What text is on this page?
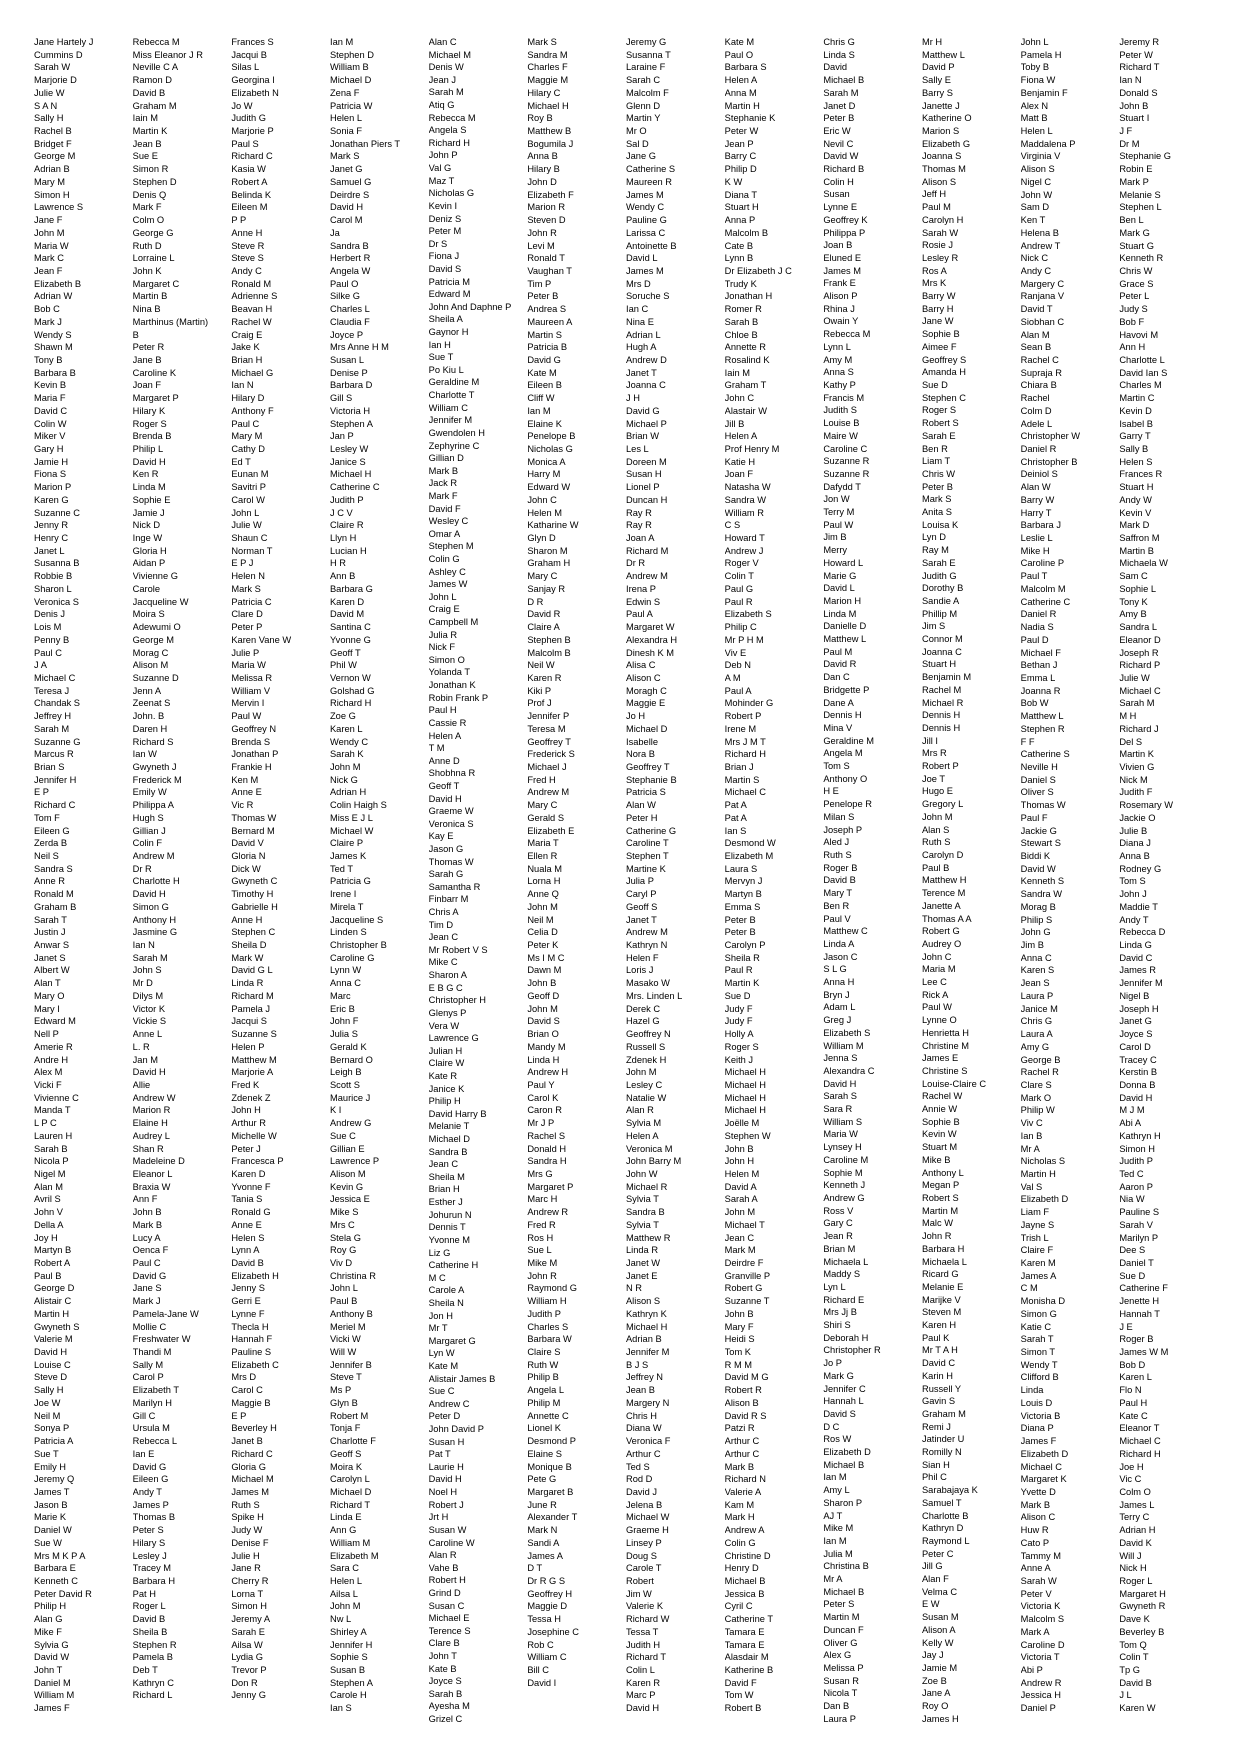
Jane Hartely J
Cummins D
Sarah W
Marjorie D
Julie W
S A N
Sally H
Rachel B
Bridget F
George M
Adrian B
Mary M
Simon H
Lawrence S
Jane F
John M
Maria W
Mark C
Jean F
Elizabeth B
Adrian W
Bob C
Mark J
Wendy S
Shawn M
Tony B
Barbara B
Kevin B
Maria F
David C
Colin W
Miker V
Gary H
Jamie H
Fiona S
Marion P
Karen G
Suzanne C
Jenny R
Henry C
Janet L
Susanna B
Robbie B
Sharon L
Veronica S
Denis J
Lois M
Penny B
Paul C
J A
Michael C
Teresa J
Chandak S
Jeffrey H
Sarah M
Suzanne G
Marcus R
Brian S
Jennifer H
E P
Richard C
Tom F
Eileen G
Zerda B
Neil S
Sandra S
Anne R
Ronald M
Graham B
Sarah T
Justin J
Anwar S
Janet S
Albert W
Alan T
Mary O
Mary I
Edward M
Nell P
Amerie R
Andre H
Alex M
Vicki F
Vivienne C
Manda T
L P C
Lauren H
Sarah B
Nicola P
Nigel M
Alan M
Avril S
John V
Della A
Joy H
Martyn B
Robert A
Paul B
George D
Alistair C
Martin H
Gwyneth S
Valerie M
David H
Louise C
Steve D
Sally H
Joe W
Neil M
Sonya P
Patricia A
Sue T
Emily H
Jeremy Q
James T
Jason B
Marie K
Daniel W
Sue W
Mrs M K P A
Barbara E
Kenneth C
Peter David R
Philip H
Alan G
Mike F
Sylvia G
David W
John T
Daniel M
William M
James F
Rebecca M
Miss Eleanor J R
Neville C A
Ramon D
David B
Graham M
Iain M
Martin K
Jean B
Sue E
Simon R
Stephen D
Denis Q
Mark F
Colm O
George G
Ruth D
Lorraine L
John K
Margaret C
Martin B
Nina B
Marthinus (Martin)
B
Peter R
Jane B
Caroline K
Joan F
Margaret P
Hilary K
Roger S
Brenda B
Philip L
David H
Ken R
Linda M
Sophie E
Jamie J
Nick D
Inge W
Gloria H
Aidan P
Vivienne G
Carole
Jacqueline W
Moira S
Adewumi O
George M
Morag C
Alison M
Suzanne D
Jenn A
Zeenat S
John. B
Daren H
Richard S
Ian W
Gwyneth J
Frederick M
Emily W
Philippa A
Hugh S
Gillian J
Colin F
Andrew M
Dr R
Charlotte H
David H
Simon G
Anthony H
Jasmine G
Ian N
Sarah M
John S
Mr D
Dilys M
Victor K
Vickie S
Anne L
L. R
Jan M
David H
Allie
Andrew W
Marion R
Elaine H
Audrey L
Shan R
Madeleine D
Eleanor L
Braxia W
Ann F
John B
Mark B
Lucy A
Oenca F
Paul C
David G
Jane S
Mark J
Pamela-Jane W
Mollie C
Freshwater W
Thandi M
Sally M
Carol P
Elizabeth T
Marilyn H
Gill C
Ursula M
Rebecca L
Ian E
David G
Eileen G
Andy T
James P
Thomas B
Peter S
Hilary S
Lesley J
Tracey M
Barbara H
Pat H
Roger L
David B
Sheila B
Stephen R
Pamela B
Deb T
Kathryn C
Richard L
Frances S
Jacqui B
Silas L
Georgina I
Elizabeth N
Jo W
Judith G
Marjorie P
Paul S
Richard C
Kasia W
Robert A
Belinda K
Eileen M
P P
Anne H
Steve R
Steve S
Andy C
Ronald M
Adrienne S
Beavan H
Rachel W
Craig E
Jake K
Brian H
Michael G
Ian N
Hilary D
Anthony F
Paul C
Mary M
Cathy D
Ed T
Eunan M
Savitri P
Carol W
John L
Julie W
Shaun C
Norman T
E P J
Helen N
Mark S
Patricia C
Clare D
Peter P
Karen Vane W
Julie P
Maria W
Melissa R
William V
Mervin I
Paul W
Geoffrey N
Brenda S
Jonathan P
Frankie H
Ken M
Anne E
Vic R
Thomas W
Bernard M
David V
Gloria N
Dick W
Gwyneth C
Timothy H
Gabrielle H
Anne H
Stephen C
Sheila D
Mark W
David G L
Linda R
Richard M
Pamela J
Jacqui S
Suzanne S
Helen P
Matthew M
Marjorie A
Fred K
Zdenek Z
John H
Arthur R
Michelle W
Peter J
Francesca P
Karen D
Yvonne F
Tania S
Ronald G
Anne E
Helen S
Lynn A
David B
Elizabeth H
Jenny S
Gerri E
Lynne F
Thecla H
Hannah F
Pauline S
Elizabeth C
Mrs D
Carol C
Maggie B
E P
Beverley H
Janet B
Richard C
Gloria G
Michael M
James M
Ruth S
Spike H
Judy W
Denise F
Julie H
Jane R
Cherry R
Lorna T
Simon H
Jeremy A
Sarah E
Ailsa W
Lydia G
Trevor P
Don R
Jenny G
Ian M
Stephen D
William B
Michael D
Zena F
Patricia W
Helen L
Sonia F
Jonathan Piers T
Mark S
Janet G
Samuel G
Deirdre S
David H
Carol M
Ja
Sandra B
Herbert R
Angela W
Paul O
Silke G
Charles L
Claudia F
Joyce P
Mrs Anne H M
Susan L
Denise P
Barbara D
Gill S
Victoria H
Stephen A
Jan P
Lesley W
Janice S
Michael H
Catherine C
Judith P
J C V
Claire R
Llyn H
Lucian H
H R
Ann B
Barbara G
Karen D
David M
Santina C
Yvonne G
Geoff T
Phil W
Vernon W
Golshad G
Richard H
Zoe G
Karen L
Wendy C
Sarah K
John M
Nick G
Adrian H
Colin Haigh S
Miss E J L
Michael W
Claire P
James K
Ted T
Patricia G
Irene I
Mirela T
Jacqueline S
Linden S
Christopher B
Caroline G
Lynn W
Anna C
Marc
Eric B
John F
Julia S
Gerald K
Bernard O
Leigh B
Scott S
Maurice J
K I
Andrew G
Sue C
Gillian E
Lawrence P
Alison M
Kevin G
Jessica E
Mike S
Mrs C
Stela G
Roy G
Viv D
Christina R
John L
Paul B
Anthony B
Meriel M
Vicki W
Will W
Jennifer B
Steve T
Ms P
Glyn B
Robert M
Tonja F
Charlotte F
Geoff S
Moira K
Carolyn L
Michael D
Richard T
Linda E
Ann G
William M
Elizabeth M
Sara C
Helen L
Ailsa L
John M
Nw L
Shirley A
Jennifer H
Sophie S
Susan B
Stephen A
Carole H
Ian S
Alan C
Michael M
Denis W
Jean J
Sarah M
Atiq G
Rebecca M
Angela S
Richard H
John P
Val G
Maz T
Nicholas G
Kevin I
Deniz S
Peter M
Dr S
Fiona J
David S
Patricia M
Edward M
John And Daphne P
Sheila A
Gaynor H
Ian H
Sue T
Po Kiu L
Geraldine M
Charlotte T
William C
Jennifer M
Gwendolen H
Zephyrine C
Gillian D
Mark B
Jack R
Mark F
David F
Wesley C
Omar A
Stephen M
Colin G
Ashley C
James W
John L
Craig E
Campbell M
Julia R
Nick F
Simon O
Yolanda T
Jonathan K
Robin Frank P
Paul H
Cassie R
Helen A
T M
Anne D
Shobhna R
Geoff T
David H
Graeme W
Veronica S
Kay E
Jason G
Thomas W
Sarah G
Samantha R
Finbarr M
Chris A
Tim D
Jean C
Mr Robert V S
Mike C
Sharon A
E B G C
Christopher H
Glenys P
Vera W
Lawrence G
Julian H
Claire W
Kate R
Janice K
Philip H
David Harry B
Melanie T
Michael D
Sandra B
Jean C
Sheila M
Brian H
Esther J
Johurun N
Dennis T
Yvonne M
Liz G
Catherine H
M C
Carole A
Sheila N
Jon H
Mr T
Margaret G
Lyn W
Kate M
Alistair James B
Sue C
Andrew C
Peter D
John David P
Susan H
Pat T
Laurie H
David H
Noel H
Robert J
Jrt H
Susan W
Caroline W
Alan R
Vahe B
Robert H
Grind D
Susan C
Michael E
Terence S
Clare B
John T
Kate B
Joyce S
Sarah B
Ayesha M
Grizel C
Mark S
Sandra M
Charles F
Maggie M
Hilary C
Michael H
Roy B
Matthew B
Bogumila J
Anna B
Hilary B
John D
Elizabeth F
Marion R
Steven D
John R
Levi M
Ronald T
Vaughan T
Tim P
Peter B
Andrea S
Maureen A
Martin S
Patricia B
David G
Kate M
Eileen B
Cliff W
Ian M
Elaine K
Penelope B
Nicholas G
Monica A
Harry M
Edward W
John C
Helen M
Katharine W
Glyn D
Sharon M
Graham H
Mary C
Sanjay R
D R
David R
Claire A
Stephen B
Malcolm B
Neil W
Karen R
Kiki P
Prof J
Jennifer P
Teresa M
Geoffrey T
Frederick S
Michael J
Fred H
Andrew M
Mary C
Gerald S
Elizabeth E
Maria T
Ellen R
Nuala M
Lorna H
Anne Q
John M
Neil M
Celia D
Peter K
Ms I M C
Dawn M
John B
Geoff D
John M
David S
Brian O
Mandy M
Linda H
Andrew H
Paul Y
Carol K
Caron R
Mr J P
Rachel S
Donald H
Sandra H
Mrs G
Margaret P
Marc H
Andrew R
Fred R
Ros H
Sue L
Mike M
John R
Raymond G
William H
Judith P
Charles S
Barbara W
Claire S
Ruth W
Philip B
Angela L
Philip M
Annette C
Lionel K
Desmond P
Elaine S
Monique B
Pete G
Margaret B
June R
Alexander T
Mark N
Sandi A
James A
D T
Dr R G S
Geoffrey H
Maggie D
Tessa H
Josephine C
Rob C
William C
Bill C
David I
Jeremy G
Susanna T
Laraine F
Sarah C
Malcolm F
Glenn D
Martin Y
Mr O
Sal D
Jane G
Catherine S
Maureen R
James M
Wendy C
Pauline G
Larissa C
Antoinette B
David L
James M
Mrs D
Soruche S
Ian C
Nina E
Adrian L
Hugh A
Andrew D
Janet T
Joanna C
J H
David G
Michael P
Brian W
Les L
Doreen M
Susan H
Lionel P
Duncan H
Ray R
Ray R
Joan A
Richard M
Dr R
Andrew M
Irena P
Edwin S
Paul A
Margaret W
Alexandra H
Dinesh K M
Alisa C
Alison C
Moragh C
Maggie E
Jo H
Michael D
Isabelle
Nora B
Geoffrey T
Stephanie B
Patricia S
Alan W
Peter H
Catherine G
Caroline T
Stephen T
Martine K
Julia P
Caryl P
Geoff S
Janet T
Andrew M
Kathryn N
Helen F
Loris J
Masako W
Mrs. Linden L
Derek C
Hazel G
Geoffrey N
Russell S
Zdenek H
John M
Lesley C
Natalie W
Alan R
Sylvia M
Helen A
Veronica M
John Barry M
John W
Michael R
Sylvia T
Sandra B
Sylvia T
Matthew R
Linda R
Janet W
Janet E
N R
Alison S
Kathryn K
Michael H
Adrian B
Jennifer M
B J S
Jeffrey N
Jean B
Margery N
Chris H
Diana W
Veronica F
Arthur C
Ted S
Rod D
David J
Jelena B
Michael W
Graeme H
Linsey P
Doug S
Carole T
Robert
Jim W
Valerie K
Richard W
Tessa T
Judith H
Richard T
Colin L
Karen R
Marc P
David H
Kate M
Paul O
Barbara S
Helen A
Anna M
Martin H
Stephanie K
Peter W
Jean P
Barry C
Philip D
K W
Diana T
Stuart H
Anna P
Malcolm B
Cate B
Lynn B
Dr Elizabeth J C
Trudy K
Jonathan H
Romer R
Sarah B
Chloe B
Annette R
Rosalind K
Iain M
Graham T
John C
Alastair W
Jill B
Helen A
Prof Henry M
Katie H
Joan F
Natasha W
Sandra W
William R
C S
Howard T
Andrew J
Roger V
Colin T
Paul G
Paul R
Elizabeth S
Philip C
Mr P H M
Viv E
Deb N
A M
Paul A
Mohinder G
Robert P
Irene M
Mrs J M T
Richard H
Brian J
Martin S
Michael C
Pat A
Pat A
Ian S
Desmond W
Elizabeth M
Laura S
Mervyn J
Martyn B
Emma S
Peter B
Peter B
Carolyn P
Sheila R
Paul R
Martin K
Sue D
Judy F
Judy F
Holly A
Roger S
Keith J
Michael H
Michael H
Michael H
Michael H
Joëlle M
Stephen W
John B
John H
Helen M
David A
Sarah A
John M
Michael T
Jean C
Mark M
Deirdre F
Granville P
Robert G
Suzanne T
John B
Mary F
Heidi S
Tom K
R M M
David M G
Robert R
Alison B
David R S
Patzi R
Arthur C
Arthur C
Mark B
Richard N
Valerie A
Kam M
Mark H
Andrew A
Colin G
Christine D
Henry D
Michael B
Jessica B
Cyril C
Catherine T
Tamara E
Tamara E
Alasdair M
Katherine B
David F
Tom W
Robert B
Chris G
Linda S
David
Michael B
Sarah M
Janet D
Peter B
Eric W
Nevil C
David W
Richard B
Colin H
Susan
Lynne E
Geoffrey K
Philippa P
Joan B
Eluned E
James M
Frank E
Alison P
Rhina J
Owain Y
Rebecca M
Lynn L
Amy M
Anna S
Kathy P
Francis M
Judith S
Louise B
Maire W
Caroline C
Suzanne R
Suzanne R
Dafydd T
Jon W
Terry M
Paul W
Jim B
Merry
Howard L
Marie G
David L
Marion H
Linda M
Danielle D
Matthew L
Paul M
David R
Dan C
Bridgette P
Dane A
Dennis H
Mina V
Geraldine M
Angela M
Tom S
Anthony O
H E
Penelope R
Milan S
Joseph P
Aled J
Ruth S
Roger B
David B
Mary T
Ben R
Paul V
Matthew C
Linda A
Jason C
S L G
Anna H
Bryn J
Adam L
Greg J
Elizabeth S
William M
Jenna S
Alexandra C
David H
Sarah S
Sara R
William S
Maria W
Lynsey H
Caroline M
Sophie M
Kenneth J
Andrew G
Ross V
Gary C
Jean R
Brian M
Michaela L
Maddy S
Lyn L
Richard E
Mrs Jj B
Shiri S
Deborah H
Christopher R
Jo P
Mark G
Jennifer C
Hannah L
David S
D C
Ros W
Elizabeth D
Michael B
Ian M
Amy L
Sharon P
AJ T
Mike M
Ian M
Julia M
Christina B
Mr A
Michael B
Peter S
Martin M
Duncan F
Oliver G
Alex G
Melissa P
Susan R
Nicola T
Dan B
Laura P
Mr H
Matthew L
David P
Sally E
Barry S
Janette J
Katherine O
Marion S
Elizabeth G
Joanna S
Thomas M
Alison S
Jeff H
Paul M
Carolyn H
Sarah W
Rosie J
Lesley R
Ros A
Mrs K
Barry W
Barry H
Jane W
Sophie B
Aimee F
Geoffrey S
Amanda H
Sue D
Stephen C
Roger S
Robert S
Sarah E
Ben R
Liam T
Chris W
Peter B
Mark S
Anita S
Louisa K
Lyn D
Ray M
Sarah E
Judith G
Dorothy B
Sandie A
Phillip M
Jim S
Connor M
Joanna C
Stuart H
Benjamin M
Rachel M
Michael R
Dennis H
Dennis H
Jill I
Mrs R
Robert P
Joe T
Hugo E
Gregory L
John M
Alan S
Ruth S
Carolyn D
Paul B
Matthew H
Terence M
Janette A
Thomas A A
Robert G
Audrey O
John C
Maria M
Lee C
Rick A
Paul W
Lynne O
Henrietta H
Christine M
James E
Christine S
Louise-Claire C
Rachel W
Annie W
Sophie B
Kevin W
Stuart M
Mike B
Anthony L
Megan P
Robert S
Martin M
Malc W
John R
Barbara H
Michaela L
Ricard G
Melanie E
Marijke V
Steven M
Karen H
Paul K
Mr T A H
David C
Karin H
Russell Y
Gavin S
Graham M
Remi J
Jatinder U
Romilly N
Sian H
Phil C
Sarabajaya K
Samuel T
Charlotte B
Kathryn D
Raymond L
Peter C
Jill G
Alan F
Velma C
E W
Susan M
Alison A
Kelly W
Jay J
Jamie M
Zoe B
Jane A
Roy O
James H
John L
Pamela H
Toby B
Fiona W
Benjamin F
Alex N
Matt B
Helen L
Maddalena P
Virginia V
Alison S
Nigel C
John W
Sam D
Ken T
Helena B
Andrew T
Nick C
Andy C
Margery C
Ranjana V
David T
Siobhan C
Alan M
Sean B
Rachel C
Supraja R
Chiara B
Rachel
Colm D
Adele L
Christopher W
Daniel R
Christopher B
Deiniol S
Alan W
Barry W
Harry T
Barbara J
Leslie L
Mike H
Caroline P
Paul T
Malcolm M
Catherine C
Daniel R
Nadia S
Paul D
Michael F
Bethan J
Emma L
Joanna R
Bob W
Matthew L
Stephen R
F F
Catherine S
Neville H
Daniel S
Oliver S
Thomas W
Paul F
Jackie G
Stewart S
Biddi K
David W
Kenneth S
Sandra W
Morag B
Philip S
John G
Jim B
Anna C
Karen S
Jean S
Laura P
Janice M
Chris G
Laura A
Amy G
George B
Rachel R
Clare S
Mark O
Philip W
Viv C
Ian B
Mr A
Nicholas S
Martin H
Val S
Elizabeth D
Liam F
Jayne S
Trish L
Claire F
Karen M
James A
C M
Monisha D
Simon G
Katie C
Sarah T
Simon T
Wendy T
Clifford B
Linda
Louis D
Victoria B
Diana P
James F
Elizabeth D
Michael C
Margaret K
Yvette D
Mark B
Alison C
Huw R
Cato P
Tammy M
Anne A
Sarah W
Peter V
Victoria K
Malcolm S
Mark A
Caroline D
Victoria T
Abi P
Andrew R
Jessica H
Daniel P
Jeremy R
Peter W
Richard T
Ian N
Donald S
John B
Stuart I
J F
Dr M
Stephanie G
Robin E
Mark P
Melanie S
Stephen L
Ben L
Mark G
Stuart G
Kenneth R
Chris W
Grace S
Peter L
Judy S
Bob F
Havovi M
Ann H
Charlotte L
David Ian S
Charles M
Martin C
Kevin D
Isabel B
Garry T
Sally B
Helen S
Frances R
Stuart H
Andy W
Kevin V
Mark D
Saffron M
Martin B
Michaela W
Sam C
Sophie L
Tony K
Amy B
Sandra L
Eleanor D
Joseph R
Richard P
Julie W
Michael C
Sarah M
M H
Richard J
Del S
Martin K
Vivien G
Nick M
Judith F
Rosemary W
Jackie O
Julie B
Diana J
Anna B
Rodney G
Tom S
John J
Maddie T
Andy T
Rebecca D
Linda G
David C
James R
Jennifer M
Nigel B
Joseph H
Janet G
Joyce S
Carol D
Tracey C
Kerstin B
Donna B
David H
M J M
Abi A
Kathryn H
Simon H
Judith P
Ted C
Aaron P
Nia W
Pauline S
Sarah V
Marilyn P
Dee S
Daniel T
Sue D
Catherine F
Jenette H
Hannah T
J E
Roger B
James W M
Bob D
Karen L
Flo N
Paul H
Kate C
Eleanor T
Michael C
Richard H
Joe H
Vic C
Colm O
James L
Terry C
Adrian H
David K
Will J
Nick H
Roger L
Margaret H
Gwyneth R
Dave K
Beverley B
Tom Q
Colin T
Tp G
David B
J L
Karen W
